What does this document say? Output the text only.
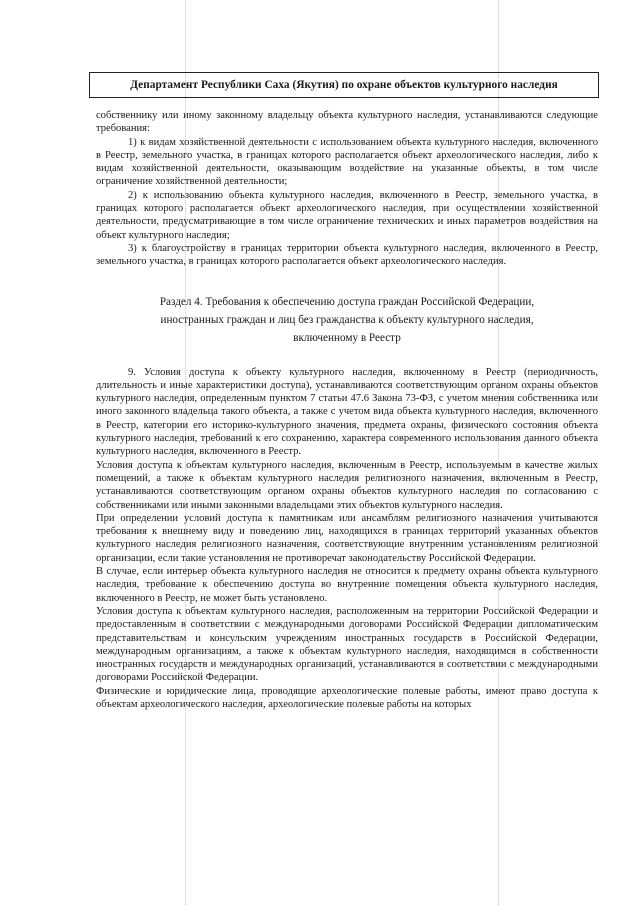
Департамент Республики Саха (Якутия) по охране объектов культурного наследия

собственнику или иному законному владельцу объекта культурного наследия, устанавливаются следующие требования:

1) к видам хозяйственной деятельности с использованием объекта культурного наследия, включенного в Реестр, земельного участка, в границах которого располагается объект археологического наследия, либо к видам хозяйственной деятельности, оказывающим воздействие на указанные объекты, в том числе ограничение хозяйственной деятельности;

2) к использованию объекта культурного наследия, включенного в Реестр, земельного участка, в границах которого располагается объект археологического наследия, при осуществлении хозяйственной деятельности, предусматривающие в том числе ограничение технических и иных параметров воздействия на объект культурного наследия;

3) к благоустройству в границах территории объекта культурного наследия, включенного в Реестр, земельного участка, в границах которого располагается объект археологического наследия.

Раздел 4. Требования к обеспечению доступа граждан Российской Федерации,
иностранных граждан и лиц без гражданства к объекту культурного наследия,
включенному в Реестр

9. Условия доступа к объекту культурного наследия, включенному в Реестр (периодичность, длительность и иные характеристики доступа), устанавливаются соответствующим органом охраны объектов культурного наследия, определенным пунктом 7 статьи 47.6 Закона 73-ФЗ, с учетом мнения собственника или иного законного владельца такого объекта, а также с учетом вида объекта культурного наследия, включенного в Реестр, категории его историко-культурного значения, предмета охраны, физического состояния объекта культурного наследия, требований к его сохранению, характера современного использования данного объекта культурного наследия, включенного в Реестр.

Условия доступа к объектам культурного наследия, включенным в Реестр, используемым в качестве жилых помещений, а также к объектам культурного наследия религиозного назначения, включенным в Реестр, устанавливаются соответствующим органом охраны объектов культурного наследия по согласованию с собственниками или иными законными владельцами этих объектов культурного наследия.

При определении условий доступа к памятникам или ансамблям религиозного назначения учитываются требования к внешнему виду и поведению лиц, находящихся в границах территорий указанных объектов культурного наследия религиозного назначения, соответствующие внутренним установлениям религиозной организации, если такие установления не противоречат законодательству Российской Федерации.

В случае, если интерьер объекта культурного наследия не относится к предмету охраны объекта культурного наследия, требование к обеспечению доступа во внутренние помещения объекта культурного наследия, включенного в Реестр, не может быть установлено.

Условия доступа к объектам культурного наследия, расположенным на территории Российской Федерации и предоставленным в соответствии с международными договорами Российской Федерации дипломатическим представительствам и консульским учреждениям иностранных государств в Российской Федерации, международным организациям, а также к объектам культурного наследия, находящимся в собственности иностранных государств и международных организаций, устанавливаются в соответствии с международными договорами Российской Федерации.

Физические и юридические лица, проводящие археологические полевые работы, имеют право доступа к объектам археологического наследия, археологические полевые работы на которых
